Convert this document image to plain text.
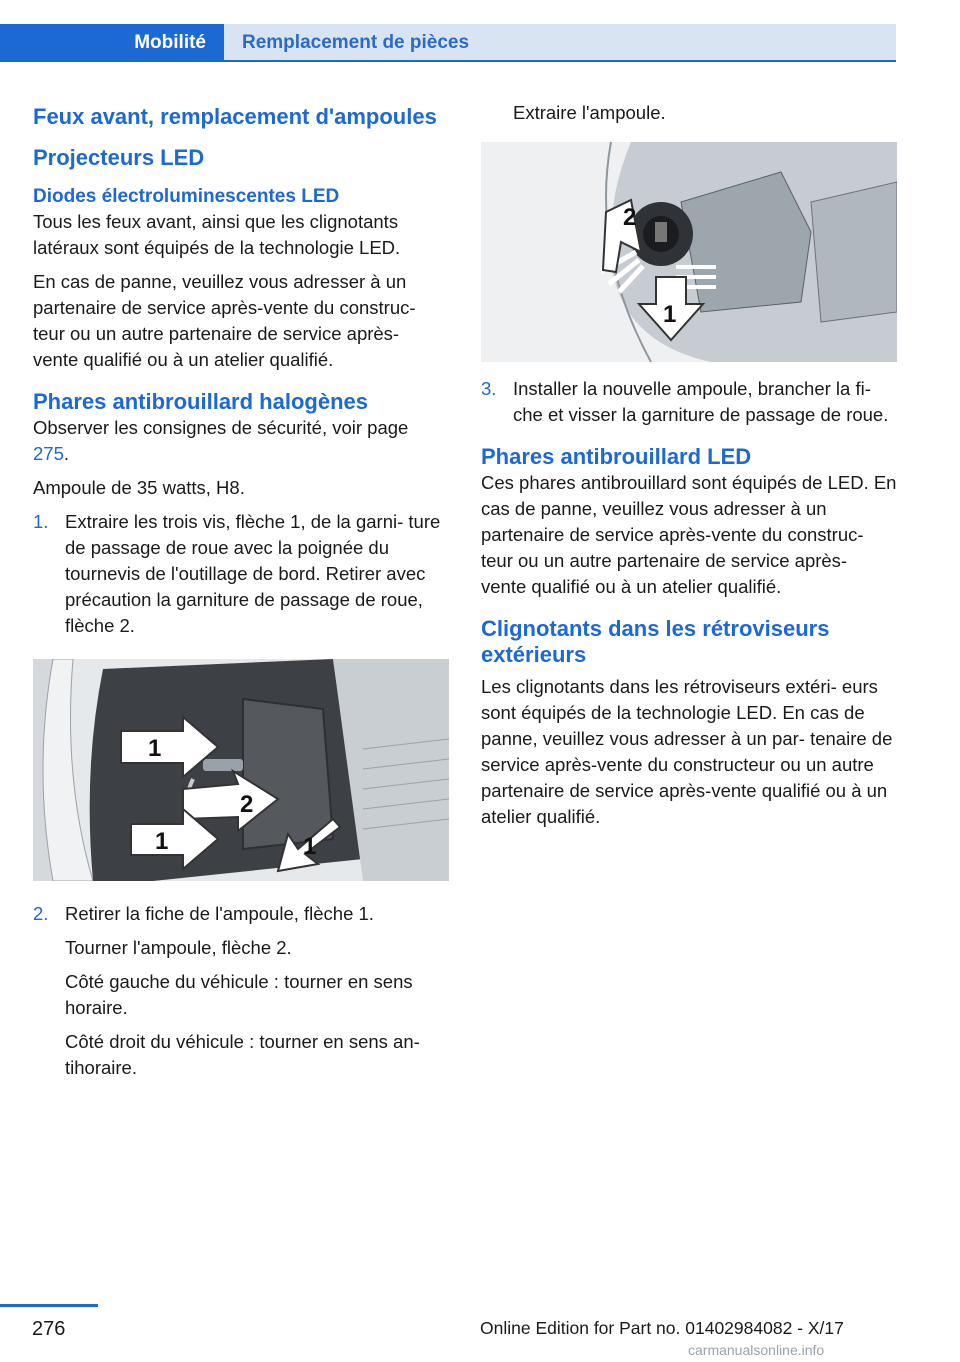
Mobilité Remplacement de pièces
Feux avant, remplacement d'ampoules
Projecteurs LED
Diodes électroluminescentes LED

Tous les feux avant, ainsi que les clignotants latéraux sont équipés de la technologie LED.

En cas de panne, veuillez vous adresser à un partenaire de service après-vente du construc- teur ou un autre partenaire de service après- vente qualifié ou à un atelier qualifié.

Phares antibrouillard halogènes

Observer les consignes de sécurité, voir page 275.

Ampoule de 35 watts, H8.

1. Extraire les trois vis, flèche 1, de la garni- ture de passage de roue avec la poignée du tournevis de l'outillage de bord. Retirer avec précaution la garniture de passage de roue, flèche 2.

1
2
1	1
2. Retirer la fiche de l'ampoule, flèche 1.

Tourner l'ampoule, flèche 2.

Côté gauche du véhicule : tourner en sens horaire.

Côté droit du véhicule : tourner en sens an- tihoraire.

Extraire l'ampoule.

2
1
3. Installer la nouvelle ampoule, brancher la fi- che et visser la garniture de passage de roue.

Phares antibrouillard LED

Ces phares antibrouillard sont équipés de LED. En cas de panne, veuillez vous adresser à un partenaire de service après-vente du construc- teur ou un autre partenaire de service après- vente qualifié ou à un atelier qualifié.

Clignotants dans les rétroviseurs extérieurs

Les clignotants dans les rétroviseurs extéri- eurs sont équipés de la technologie LED. En cas de panne, veuillez vous adresser à un par- tenaire de service après-vente du constructeur ou un autre partenaire de service après-vente qualifié ou à un atelier qualifié.

276	Online Edition for Part no. 01402984082 - X/17
carmanualsonline.info
